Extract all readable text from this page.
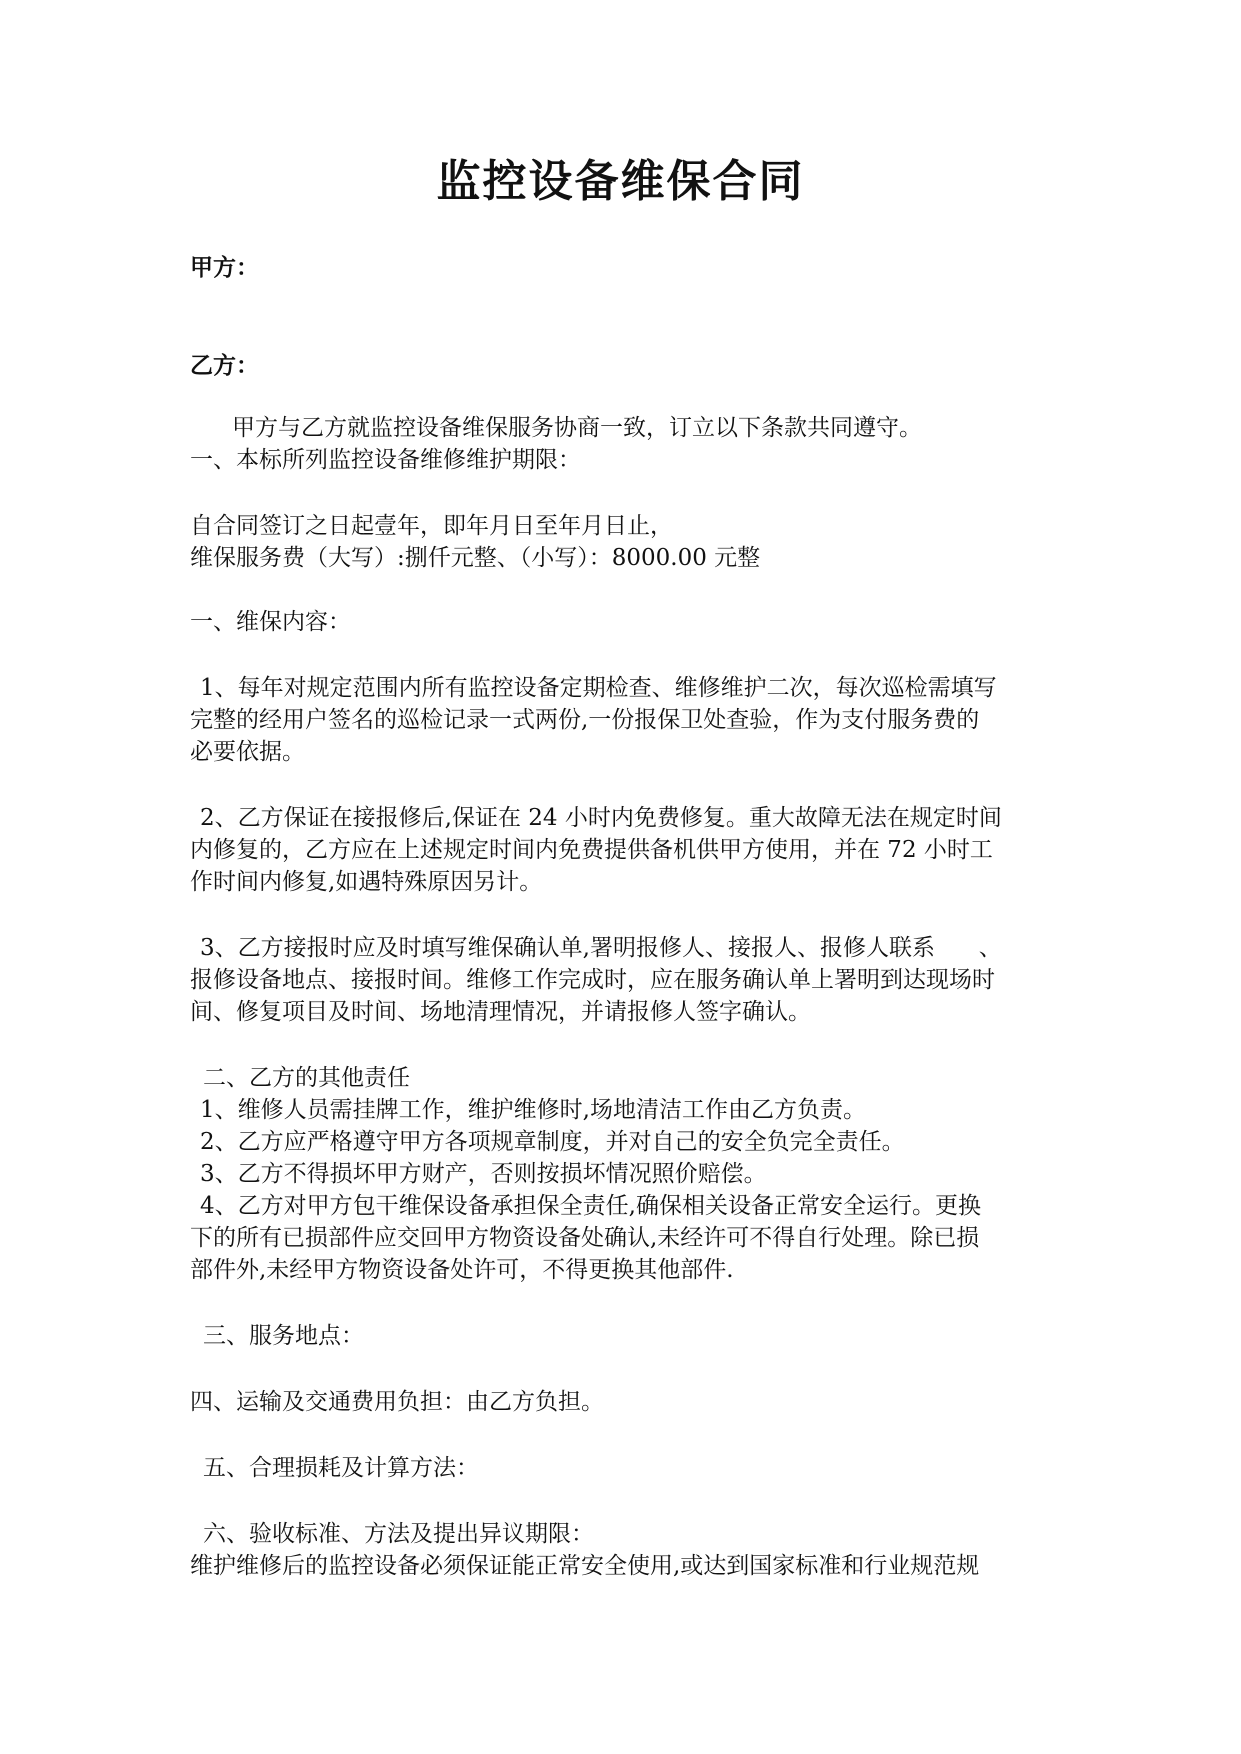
监控设备维保合同
甲方：
乙方：
甲方与乙方就监控设备维保服务协商一致，订立以下条款共同遵守。
一、本标所列监控设备维修维护期限：
自合同签订之日起壹年，即年月日至年月日止，
维保服务费（大写）:捌仟元整、（小写）：8000.00 元整
一、维保内容：
1、每年对规定范围内所有监控设备定期检查、维修维护二次，每次巡检需填写
完整的经用户签名的巡检记录一式两份,一份报保卫处查验，作为支付服务费的
必要依据。
2、乙方保证在接报修后,保证在 24 小时内免费修复。重大故障无法在规定时间
内修复的，乙方应在上述规定时间内免费提供备机供甲方使用，并在 72 小时工
作时间内修复,如遇特殊原因另计。
3、乙方接报时应及时填写维保确认单,署明报修人、接报人、报修人联系      、
报修设备地点、接报时间。维修工作完成时，应在服务确认单上署明到达现场时
间、修复项目及时间、场地清理情况，并请报修人签字确认。
二、乙方的其他责任
1、维修人员需挂牌工作，维护维修时,场地清洁工作由乙方负责。
2、乙方应严格遵守甲方各项规章制度，并对自己的安全负完全责任。
3、乙方不得损坏甲方财产，否则按损坏情况照价赔偿。
4、乙方对甲方包干维保设备承担保全责任,确保相关设备正常安全运行。更换
下的所有已损部件应交回甲方物资设备处确认,未经许可不得自行处理。除已损
部件外,未经甲方物资设备处许可，不得更换其他部件.
三、服务地点：
四、运输及交通费用负担：由乙方负担。
五、合理损耗及计算方法：
六、验收标准、方法及提出异议期限：
维护维修后的监控设备必须保证能正常安全使用,或达到国家标准和行业规范规
